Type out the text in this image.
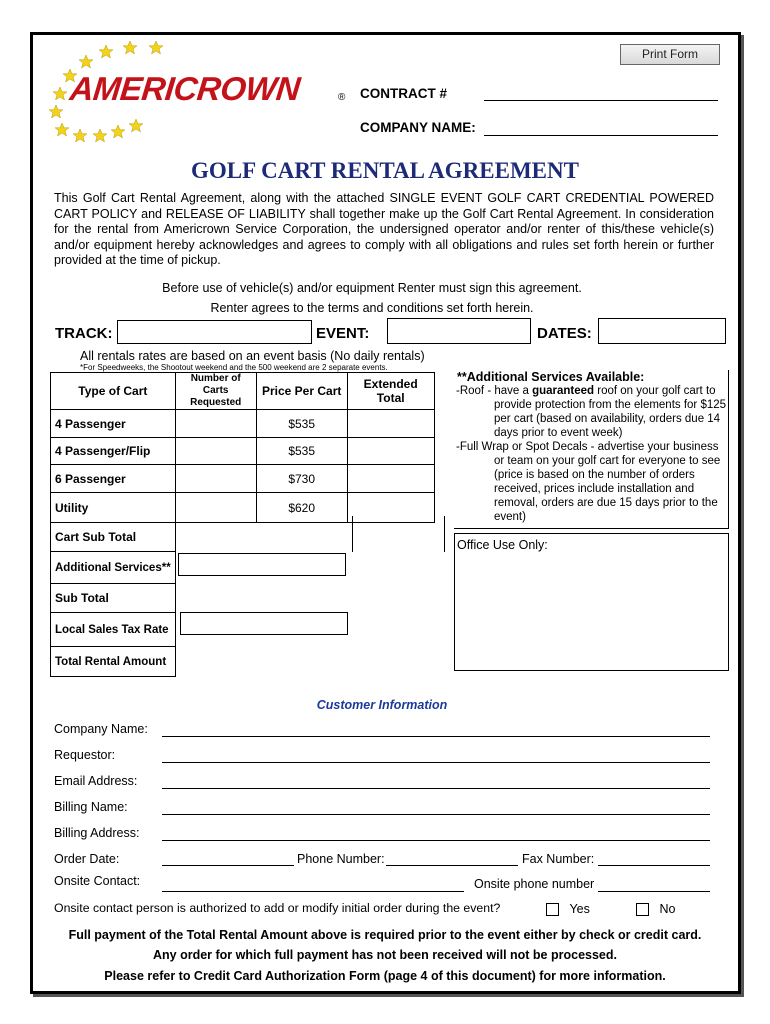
Print Form
AMERICROWN	® CONTRACT #
COMPANY NAME:
GOLF CART RENTAL AGREEMENT
This Golf Cart Rental Agreement, along with the attached SINGLE EVENT GOLF CART CREDENTIAL POWERED CART POLICY and RELEASE OF LIABILITY shall together make up the Golf Cart Rental Agreement. In consideration for the rental from Americrown Service Corporation, the undersigned operator and/or renter of this/these vehicle(s) and/or equipment hereby acknowledges and agrees to comply with all obligations and rules set forth herein or further provided at the time of pickup.
Before use of vehicle(s) and/or equipment Renter must sign this agreement.
Renter agrees to the terms and conditions set forth herein.
TRACK:	EVENT:	DATES:
All rentals rates are based on an event basis (No daily rentals)
*For Speedweeks, the Shootout weekend and the 500 weekend are 2 separate events.
Type of Cart	Number of Carts Requested	Price Per Cart	Extended Total
4 Passenger		$535	
4 Passenger/Flip		$535	
6 Passenger		$730	
Utility		$620	
Cart Sub Total			
Additional Services**			
Sub Total			
Local Sales Tax Rate			
Total Rental Amount			
**Additional Services Available:
-Roof - have a guaranteed roof on your golf cart to
provide protection from the elements for $125
per cart (based on availability, orders due 14
days prior to event week)
-Full Wrap or Spot Decals - advertise your business
or team on your golf cart for everyone to see
(price is based on the number of orders
received, prices include installation and
removal, orders are due 15 days prior to the
event)
Office Use Only:
Customer Information
Company Name:
Requestor:
Email Address:
Billing Name:
Billing Address:
Order Date:	Phone Number:	Fax Number:
Onsite Contact:	Onsite phone number
Onsite contact person is authorized to add or modify initial order during the event?	Yes	No
Full payment of the Total Rental Amount above is required prior to the event either by check or credit card.
Any order for which full payment has not been received will not be processed.
Please refer to Credit Card Authorization Form (page 4 of this document) for more information.
